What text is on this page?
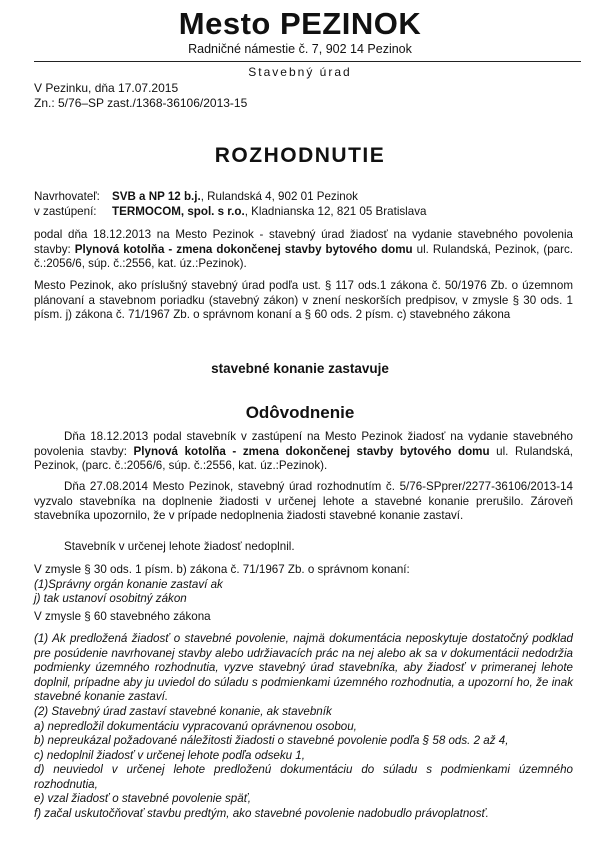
Mesto PEZINOK
Radničné námestie č. 7, 902 14 Pezinok
Stavebný úrad
V Pezinku, dňa 17.07.2015
Zn.: 5/76–SP zast./1368-36106/2013-15
ROZHODNUTIE
Navrhovateľ: SVB a NP 12 b.j., Rulandská 4, 902 01 Pezinok
v zastúpení: TERMOCOM, spol. s r.o., Kladnianska 12, 821 05 Bratislava
podal dňa 18.12.2013 na Mesto Pezinok - stavebný úrad žiadosť na vydanie stavebného povolenia stavby: Plynová kotolňa - zmena dokončenej stavby bytového domu ul. Rulandská, Pezinok, (parc. č.:2056/6, súp. č.:2556, kat. úz.:Pezinok).
Mesto Pezinok, ako príslušný stavebný úrad podľa ust. § 117 ods.1 zákona č. 50/1976 Zb. o územnom plánovaní a stavebnom poriadku (stavebný zákon) v znení neskorších predpisov, v zmysle § 30 ods. 1 písm. j) zákona č. 71/1967 Zb. o správnom konaní a § 60 ods. 2 písm. c) stavebného zákona
stavebné konanie zastavuje
Odôvodnenie
Dňa 18.12.2013 podal stavebník v zastúpení na Mesto Pezinok žiadosť na vydanie stavebného povolenia stavby: Plynová kotolňa - zmena dokončenej stavby bytového domu ul. Rulandská, Pezinok, (parc. č.:2056/6, súp. č.:2556, kat. úz.:Pezinok).
Dňa 27.08.2014 Mesto Pezinok, stavebný úrad rozhodnutím č. 5/76-SPprer/2277-36106/2013-14 vyzvalo stavebníka na doplnenie žiadosti v určenej lehote a stavebné konanie prerušilo. Zároveň stavebníka upozornilo, že v prípade nedoplnenia žiadosti stavebné konanie zastaví.
Stavebník v určenej lehote žiadosť nedoplnil.

V zmysle § 30 ods. 1 písm. b) zákona č. 71/1967 Zb. o správnom konaní:

(1)Správny orgán konanie zastaví ak

j) tak ustanoví osobitný zákon

V zmysle § 60 stavebného zákona
(1) Ak predložená žiadosť o stavebné povolenie, najmä dokumentácia neposkytuje dostatočný podklad pre posúdenie navrhovanej stavby alebo udržiavacích prác na nej alebo ak sa v dokumentácii nedodržia podmienky územného rozhodnutia, vyzve stavebný úrad stavebníka, aby žiadosť v primeranej lehote doplnil, prípadne aby ju uviedol do súladu s podmienkami územného rozhodnutia, a upozorní ho, že inak stavebné konanie zastaví.

(2) Stavebný úrad zastaví stavebné konanie, ak stavebník

a) nepredložil dokumentáciu vypracovanú oprávnenou osobou,

b) nepreukázal požadované náležitosti žiadosti o stavebné povolenie podľa § 58 ods. 2 až 4,

c) nedoplnil žiadosť v určenej lehote podľa odseku 1,

d) neuviedol v určenej lehote predloženú dokumentáciu do súladu s podmienkami územného rozhodnutia,

e) vzal žiadosť o stavebné povolenie späť,

f) začal uskutočňovať stavbu predtým, ako stavebné povolenie nadobudlo právoplatnosť.
